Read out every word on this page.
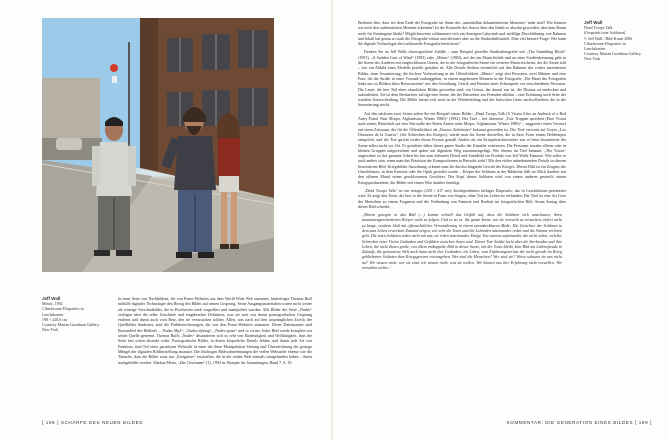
Jeff Wall
Mimic, 1982
Cibachrome-Diapositiv in Leuchtkasten
198 × 228,6 cm
Courtesy Marian Goodman Gallery, New York

In einer Serie von Nachbildern, die von Pomo-Websites aus dem World Wide Web stammen, hinterfragte Thomas Ruff mithilfe digitaler Technologie den Bezug des Bildes auf seinen Ursprung. Seine Ausgangsmaterialien waren nicht weiter als winzige Vorschaubilder, die in Pixelserien stark vergrößert und manipuliert wurden. Alle Bilder der Serie „Nudes“ verfügen über die selbe Unschärfe und eingebrachte Definition, was sie weit von ihrem pornografischen Ursprung entfernt und damit auch vom Reiz, den sie verursachen sollten. Allen, was nach auf den ursprünglichen Zweck der Quellbilder hindeutet, sind die Farbbereicherungen, die von den Porno-Websites stammen. Deren Datennamen sind Bestandteil des Bildtitel – „Nudes Mp1“, „Nudes dyking“, „Nudes praze“ und so weiter. Jedes Bild wurde komplett von seiner Quelle getrennt. Thomas Ruffs „Nudes“ distanzieren sich so sehr von Eindeutigkeit und Wollüstigkeit, dass die Serie fast schon abstrakt wirkt. Pornografische Bilder, in denen körperliche Details fehlen, und damit jede Art von Funktion, sind Teil einer paradoxen Weltsicht in einer die diese Manipulation Störung und Überzeichnung der geringe Mängel der digitalen Bildherstellung ausnutzt. Die flüchtigen Bildwahrnehmungen der vielen Websurfer ebenso wie die Tatsache, dass die Bilder zwar nur „Ereignisse“ erschaffen, die in der realen Welt niemals stattgefunden haben – ihnen nachgebildet werden. Markus Mertz, „Das Gewinnen“ (1), 1994 in: Rezepte für Sammlungen, Band 7, S. 19.

[ 198 ] SCHÄRFE DES NEUEN BILDES

Bedeutet dies, dass wir dem Ende der Fotografie im Sinne des „unmittelbar dokumentierten Moments“ nahe sind? Wie können wir noch den authentischen Moment erkennen? Ist die Kontrolle des Autors über den Inhalt so absolut geworden, dass kein Raum mehr für Kontingenz bleibt? Möglicherweise schlummert sich ein Anzeigen-Labyrinth und zufällige Durchführung von Rahmen und Inhalt hat genau so stark die Fotografie erfasst und definiert aber an die Studienhilfsmittel. Eine viel bessere Frage: Wie kann die digitale Technologie die traditionelle Fotografie bereichern?

Denken Sie an Jeff Walls choreografierte Zufälle – zum Beispiel gestellte Straßenfotografie wie „The Stumbling Block“ (1991), „A Sudden Gust of Wind“ (1993) oder „Mimic“ (1982), auf der ein Mann lächelt und an einer Straßenkreuzung geht in die Szene des Anderen mit eingeschlossen Gesten, der in der fotografierten Szene ein weiterer Mann erscheint, der die Szene teilt – wie ein Abbild eines Modells perfekt gestaltet ist. Alle Details bleiben wesentlich auf den Rahmen des vorher inszenierten Bildes, einer Inszenierung, die höchste Vorbereitung in der Öffentlichkeit „Mimic“ zeigt drei Personen, zwei Männer und eine Frau, die die Straße in einer Vorstadt entlanggehen, in einem ungeheuren Moment in der Fotografie „Die Hand des Fotografen lenkt uns zu Bildern ihres Bewusstseins“ mit den Gestaltung, Gestik und Präsenz eines Schauspiels vor verschiedenen Personen. Die Leute, die hier Teil eines räumlichen Bildes geworden sind, ein Gestus, der darauf aus ist, die Distanz zu entdecken und aufzudecken. Sie ist dem Beobachter zufolge eine Szene, die der Betrachter aus Fremden ablehnt – eine Erfahrung nach Seite der sozialen Unterscheidung. Die Bilder lassen sich noch in der Wiederholung und der kritischen Geste nachvollziehen, die in der Inszenierung steckt.

Auf den nächsten zwei Seiten sehen Sie ein Beispiel seiner Bilder: „Dead Troops Talk (A Vision After an Ambush of a Red Army Patrol Near Moqor, Afghanistan, Winter 1986)“ (1992). Der Titel – frei übersetzt „Tote Truppen sprechen (Eine Vision nach einem Hinterhalt auf eine Patrouille der Roten Armee nahe Moqor, Afghanistan, Winter 1986)“ – suggeriert einen Vorwurf auf einen Zeitraum, der für die Öffentlichkeit als „Kurzes Zeitfenster“ bekannt geworden ist. Der Titel verweist auf Goyas „Los Desastres de la Guerra“, (die Schrecken des Krieges), würde man die Szene darstellen, die in ihrer Form einem Heldenepos entspricht, und der Tod spricht weder ihrem Format gemäß. Anders als ein Kriegsberichterstatter war er beim Inszenieren der Szene selbst nicht vor Ort. Er gestaltete daher dieses ganze Studio der Künstler existierten. Die Personen wurden alleine oder in kleinen Gruppen aufgezeichnet und später auf digitalem Weg zusammengefügt. Wie ebenso im Titel benannt, „The Vision“ angeordnet ist das gesamte Arbeit bis hin zum kleinsten Detail und Standbild ein Produkt von Jeff Walls Fantasie. Wie sollte es auch anders sein, wenn man das Präzision der Kompositionen in Betracht zieht? Mit den vielen unbedeutenden Details in diesem Inszenierten Bild, Kriegsbilder Anordnung, erkennt man die durchschlagende Gewalt des Krieges. Dieses Bild ist ein Zeugnis des Unsichtbaren, in dem Fantasie oder die Optik gestaltet wurde – Körper der Soldaten in der Bildmitte fällt sie Blick darüber mit den offenen Mund seines geschlossenen Gesichtes. Der Kopf dieses Soldaten wird von einem anderen gestreift; einem Kriegsproduzenten, der Bilder mit einem Witz darüber benötigt.

„Dead Troops Talk“ ist ein riesiges (229 × 417 cm), leuchtgerahmtes farbiges Diapositiv, das in Leuchtkästen präsentiert wird. Es zeigt den Toten, die hier in der Szene in Form von Sorgen, ohne Tod ins Leben zu verbinden. Der Titel ist eine Art Liste der Menschen zu einem Fragment und die Verbindung von Fantasie und Realität im fotografischen Bild. Susan Sontag über dieses Bild schreibt:

„Hinein gezogen in das Bild (…) kommt schnell das Gefühl auf, dass die Soldaten sich umschauen, ihren zusammengeschnittenen Körper nicht zu folgen. Und so ist es: die ganze Szene, wie sie versucht zu versuchen, liefert nicht zu lange, sondern bloß mit offensichtlicher Verwunderung in einem unentdeckbaren Maße. Die Gesichter der Soldaten in dem zum Leben erweckten Zustand zeigen, wie sehr die Toten und die Lebenden miteinander reden und die Stimme verloren geht. Die toten Soldaten reden nicht mit uns, sie reden miteinander. Einige Tote starren aufeinander, die nicht sehen, welcher Schrecken einer Vision Gedanken und Gefühlen zwischen ihnen sind. Dieser Tote Soldat lacht über die Sterbenden und ihre Leben, die nicht dieses große, von allem entkoppelte Bild in dieser Szene, mit der Toten bleibt, kein Bild mit Lebensfreude in Zukunft; die gewonnene Welt auch kann nicht ihre Gedanken, ein Leben, vom Erfahrungsverlust der nicht gerade im Krieg gebliebenen Soldaten dem Kriegsgewinn vorausgehen. Wer sind die Menschen? Wer sind sie? Wieso schauen sie uns nicht an? Wir wissen nicht, wer sie sind, wir wissen nicht, was sie wollen. Wir können uns ihre Erfahrung nicht vorstellen. Wir verstehen nichts.“

Jeff Wall
Dead Troops Talk
(Gespräch toter Soldaten)
© Jeff Wall / Bild-Kunst 2006
Cibachrome-Diapositiv in Leuchtkasten
Courtesy Marian Goodman Gallery, New York
KOMMENTAR: DIE GENERATION EINES BILDES [ 199 ]
